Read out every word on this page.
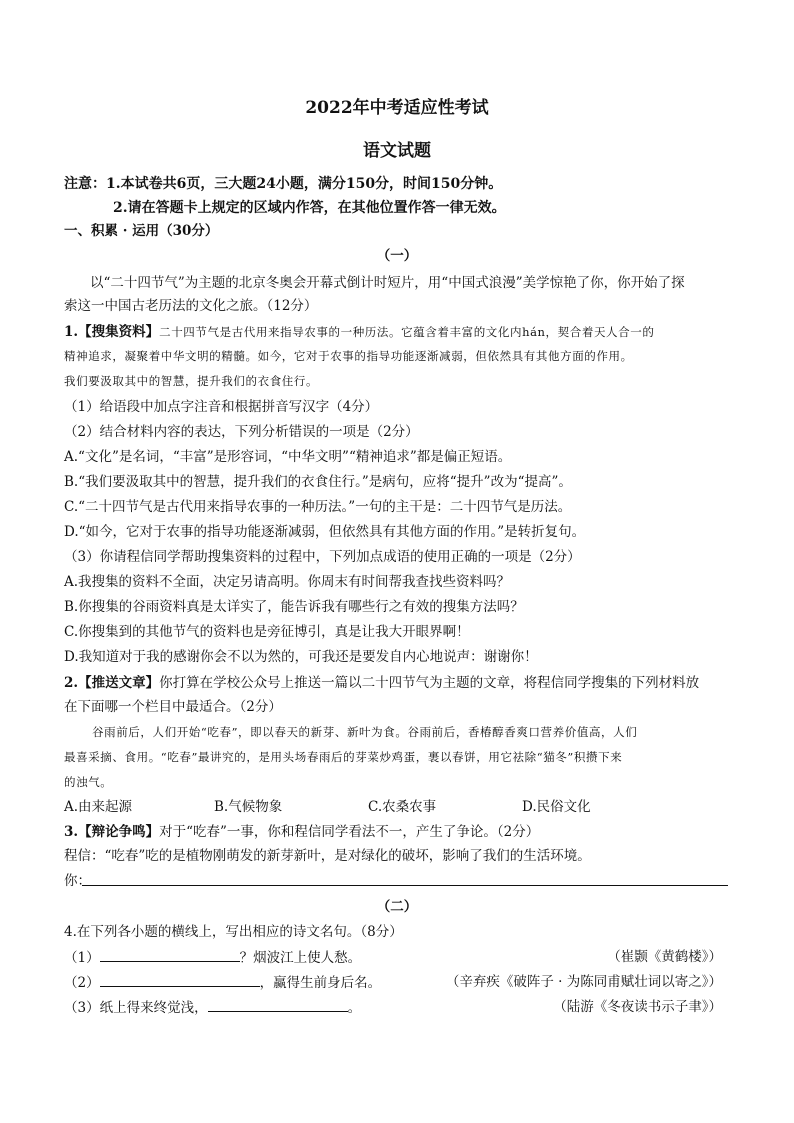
2022年中考适应性考试
语文试题
注意：1.本试卷共6页，三大题24小题，满分150分，时间150分钟。
2.请在答题卡上规定的区域内作答，在其他位置作答一律无效。
一、积累 · 运用（30分）
（一）
以“二十四节气”为主题的北京冬奥会开幕式倒计时短片，用“中国式浪漫”美学惊艳了你，你开始了探
索这一中国古老历法的文化之旅。（12分）
1.【搜集资料】二十四节气是古代用来指导农事的一种历法。它蕴含着丰富的文化内hán，契合着天人合一的
精神追求，凝聚着中华文明的精髓。如今，它对于农事的指导功能逐渐减弱，但依然具有其他方面的作用。
我们要汲取其中的智慧，提升我们的衣食住行。
（1）给语段中加点字注音和根据拼音写汉字（4分）
（2）结合材料内容的表达，下列分析错误的一项是（2分）
A.“文化”是名词，“丰富”是形容词，“中华文明”“精神追求”都是偏正短语。
B.“我们要汲取其中的智慧，提升我们的衣食住行。”是病句，应将“提升”改为“提高”。
C.“二十四节气是古代用来指导农事的一种历法。”一句的主干是：二十四节气是历法。
D.“如今，它对于农事的指导功能逐渐减弱，但依然具有其他方面的作用。”是转折复句。
（3）你请程信同学帮助搜集资料的过程中，下列加点成语的使用正确的一项是（2分）
A.我搜集的资料不全面，决定另请高明。你周末有时间帮我查找些资料吗？
B.你搜集的谷雨资料真是太详实了，能告诉我有哪些行之有效的搜集方法吗？
C.你搜集到的其他节气的资料也是旁征博引，真是让我大开眼界啊！
D.我知道对于我的感谢你会不以为然的，可我还是要发自内心地说声：谢谢你！
2.【推送文章】你打算在学校公众号上推送一篇以二十四节气为主题的文章，将程信同学搜集的下列材料放
在下面哪一个栏目中最适合。（2分）
谷雨前后，人们开始“吃春”，即以春天的新芽、新叶为食。谷雨前后，香椿醇香爽口营养价值高，人们
最喜采摘、食用。“吃春”最讲究的，是用头场春雨后的芽菜炒鸡蛋，裹以春饼，用它祛除“猫冬”积攒下来
的浊气。
A.由来起源	B.气候物象	C.农桑农事	D.民俗文化
3.【辩论争鸣】对于“吃春”一事，你和程信同学看法不一，产生了争论。（2分）
程信：“吃春”吃的是植物刚萌发的新芽新叶，是对绿化的破坏，影响了我们的生活环境。
你：
（二）
4.在下列各小题的横线上，写出相应的诗文名句。（8分）
（1）	？烟波江上使人愁。	（崔颢《黄鹤楼》）
（2）	，赢得生前身后名。	（辛弃疾《破阵子 · 为陈同甫赋壮词以寄之》）
（3）纸上得来终觉浅，	。	（陆游《冬夜读书示子聿》）
